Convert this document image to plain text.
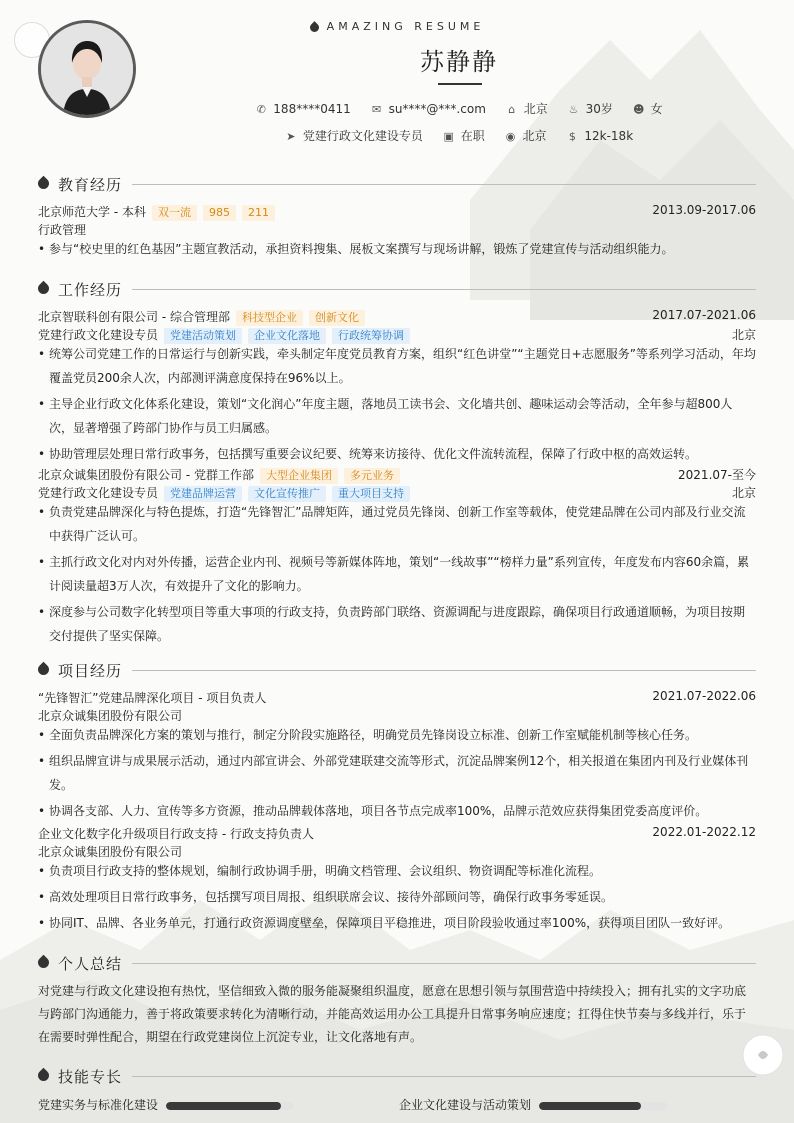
AMAZING RESUME
苏静静
✆ 188****0411 ✉ su****@***.com ⌂ 北京 ♨ 30岁 ☻ 女
➤ 党建行政文化建设专员 ▣ 在职 ◉ 北京 $ 12k-18k
教育经历
北京师范大学 - 本科 双一流 985 211	2013.09-2017.06
行政管理
• 参与“校史里的红色基因”主题宣教活动，承担资料搜集、展板文案撰写与现场讲解，锻炼了党建宣传与活动组织能力。
工作经历
北京智联科创有限公司 - 综合管理部 科技型企业 创新文化	2017.07-2021.06
党建行政文化建设专员 党建活动策划 企业文化落地 行政统筹协调	北京
• 统筹公司党建工作的日常运行与创新实践，牵头制定年度党员教育方案，组织“红色讲堂”“主题党日+志愿服务”等系列学习活动，年均覆盖党员200余人次，内部测评满意度保持在96%以上。
• 主导企业行政文化体系化建设，策划“文化润心”年度主题，落地员工读书会、文化墙共创、趣味运动会等活动，全年参与超800人次，显著增强了跨部门协作与员工归属感。
• 协助管理层处理日常行政事务，包括撰写重要会议纪要、统筹来访接待、优化文件流转流程，保障了行政中枢的高效运转。
北京众诚集团股份有限公司 - 党群工作部 大型企业集团 多元业务	2021.07-至今
党建行政文化建设专员 党建品牌运营 文化宣传推广 重大项目支持	北京
• 负责党建品牌深化与特色提炼，打造“先锋智汇”品牌矩阵，通过党员先锋岗、创新工作室等载体，使党建品牌在公司内部及行业交流中获得广泛认可。
• 主抓行政文化对内对外传播，运营企业内刊、视频号等新媒体阵地，策划“一线故事”“榜样力量”系列宣传，年度发布内容60余篇，累计阅读量超3万人次，有效提升了文化的影响力。
• 深度参与公司数字化转型项目等重大事项的行政支持，负责跨部门联络、资源调配与进度跟踪，确保项目行政通道顺畅，为项目按期交付提供了坚实保障。
项目经历
“先锋智汇”党建品牌深化项目 - 项目负责人	2021.07-2022.06
北京众诚集团股份有限公司
• 全面负责品牌深化方案的策划与推行，制定分阶段实施路径，明确党员先锋岗设立标准、创新工作室赋能机制等核心任务。
• 组织品牌宣讲与成果展示活动，通过内部宣讲会、外部党建联建交流等形式，沉淀品牌案例12个，相关报道在集团内刊及行业媒体刊发。
• 协调各支部、人力、宣传等多方资源，推动品牌载体落地，项目各节点完成率100%，品牌示范效应获得集团党委高度评价。
企业文化数字化升级项目行政支持 - 行政支持负责人	2022.01-2022.12
北京众诚集团股份有限公司
• 负责项目行政支持的整体规划，编制行政协调手册，明确文档管理、会议组织、物资调配等标准化流程。
• 高效处理项目日常行政事务，包括撰写项目周报、组织联席会议、接待外部顾问等，确保行政事务零延误。
• 协同IT、品牌、各业务单元，打通行政资源调度壁垒，保障项目平稳推进，项目阶段验收通过率100%，获得项目团队一致好评。
个人总结
对党建与行政文化建设抱有热忱，坚信细致入微的服务能凝聚组织温度，愿意在思想引领与氛围营造中持续投入；拥有扎实的文字功底与跨部门沟通能力，善于将政策要求转化为清晰行动，并能高效运用办公工具提升日常事务响应速度；扛得住快节奏与多线并行，乐于在需要时弹性配合，期望在行政党建岗位上沉淀专业，让文化落地有声。
技能专长
党建实务与标准化建设	企业文化建设与活动策划
